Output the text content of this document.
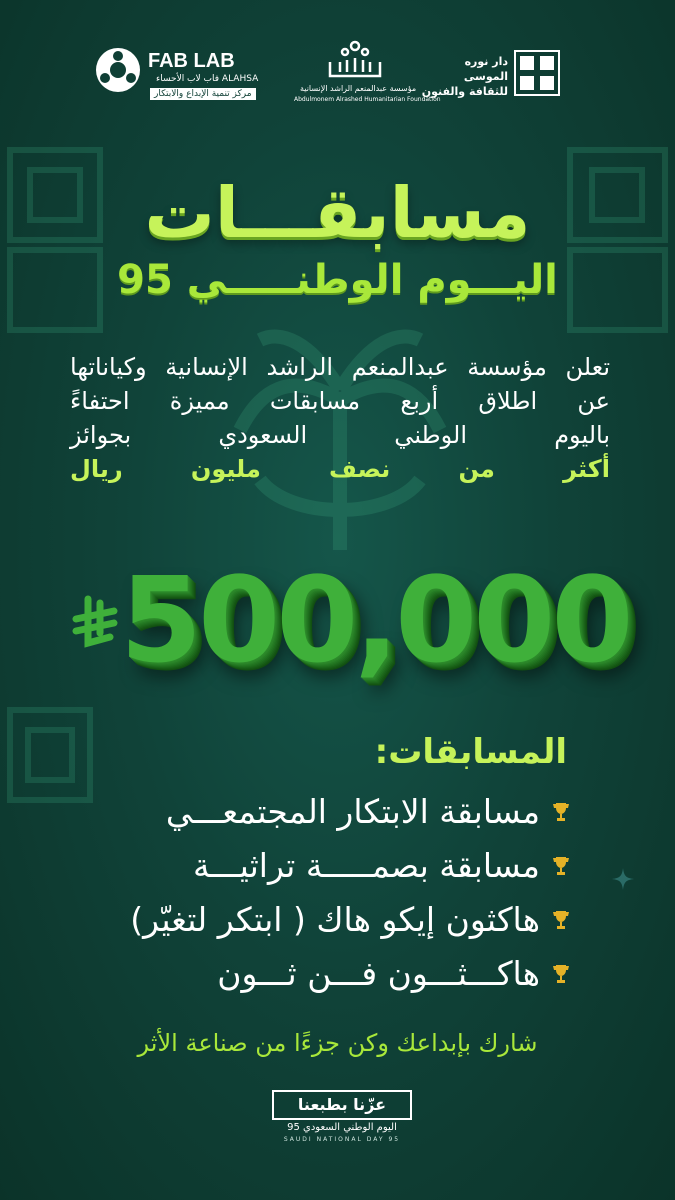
FAB LAB
فاب لاب الأحساء ALAHSA
مركز تنمية الإبداع والابتكار
مؤسسة عبدالمنعم الراشد الإنسانية
Abdulmonem Alrashed Humanitarian Foundation
دار نوره الموسى
للثقافة والفنون
مسابقـــات
اليـــوم الوطنـــــي 95
تعلن مؤسسة عبدالمنعم الراشد الإنسانية وكياناتها
عن اطلاق أربع مسابقات مميزة احتفاءً
باليوم الوطني السعودي بجوائز
أكثر من نصف مليون ريال
500,000
المسابقات:
مسابقة الابتكار المجتمعـــي
مسابقة بصمـــــة تراثيـــة
هاكثون إيكو هاك ( ابتكر لتغيّر)
هاكـــثـــون فـــن ثـــون
شارك بإبداعك وكن جزءًا من صناعة الأثر
عزّنا بطبعنا
اليوم الوطني السعودي 95
SAUDI NATIONAL DAY 95
